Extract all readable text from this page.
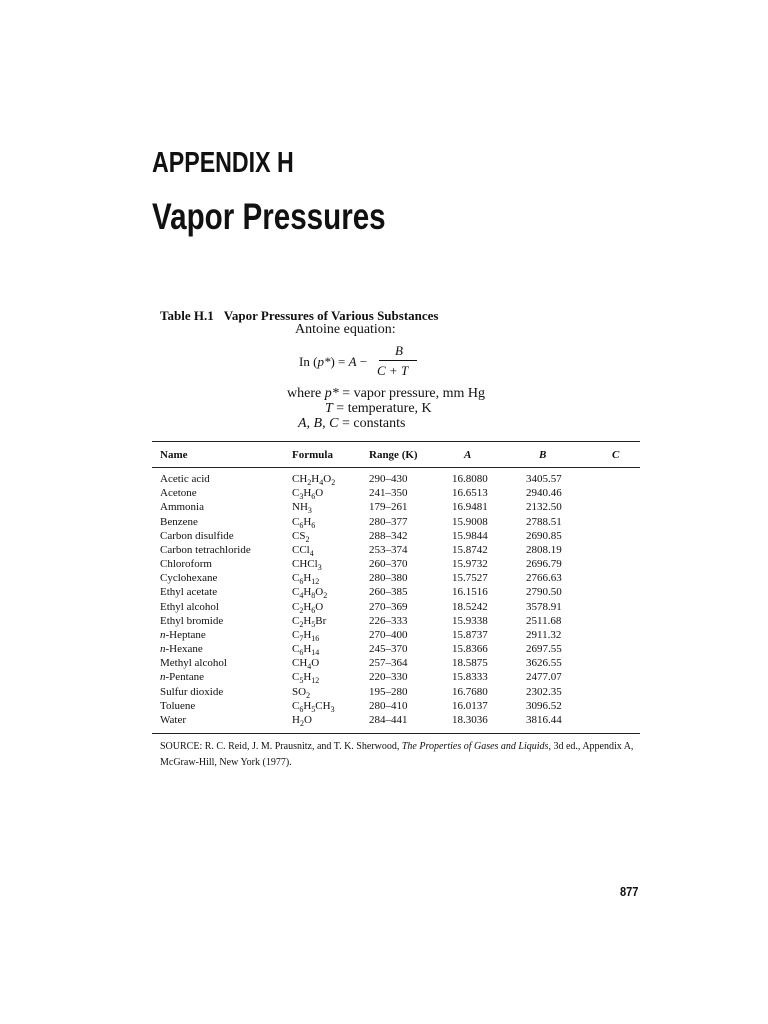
APPENDIX H
Vapor Pressures
Table H.1 Vapor Pressures of Various Substances
Antoine equation:
In (p*) = A −
B
C + T
where p* = vapor pressure, mm Hg
T = temperature, K
A, B, C = constants
Name	Formula	Range (K)	A	B	C
Acetic acid	$CH_2H_4O_2$	290–430	16.8080	3405.57
Acetone	$C_3H_6O$	241–350	16.6513	2940.46
Ammonia	$NH_3$	179–261	16.9481	2132.50
Benzene	$C_6H_6$	280–377	15.9008	2788.51
Carbon disulfide	$CS_2$	288–342	15.9844	2690.85
Carbon tetrachloride	CCl$_4$	253–374	15.8742	2808.19
Chloroform	CHCl$_3$	260–370	15.9732	2696.79
Cyclohexane	$C_6H_{12}$	280–380	15.7527	2766.63
Ethyl acetate	$C_4H_8O_2$	260–385	16.1516	2790.50
Ethyl alcohol	$C_2H_6O$	270–369	18.5242	3578.91
Ethyl bromide	$C_2H_5Br$	226–333	15.9338	2511.68
n-Heptane	$C_7H_{16}$	270–400	15.8737	2911.32
n-Hexane	$C_6H_{14}$	245–370	15.8366	2697.55
Methyl alcohol	$CH_4O$	257–364	18.5875	3626.55
n-Pentane	$C_5H_{12}$	220–330	15.8333	2477.07
Sulfur dioxide	$SO_2$	195–280	16.7680	2302.35
Toluene	$C_6H_5CH_3$	280–410	16.0137	3096.52
Water	$H_2O$	284–441	18.3036	3816.44
SOURCE: R. C. Reid, J. M. Prausnitz, and T. K. Sherwood, The Properties of Gases and Liquids, 3d ed., Appendix A, McGraw-Hill, New York (1977).
877
